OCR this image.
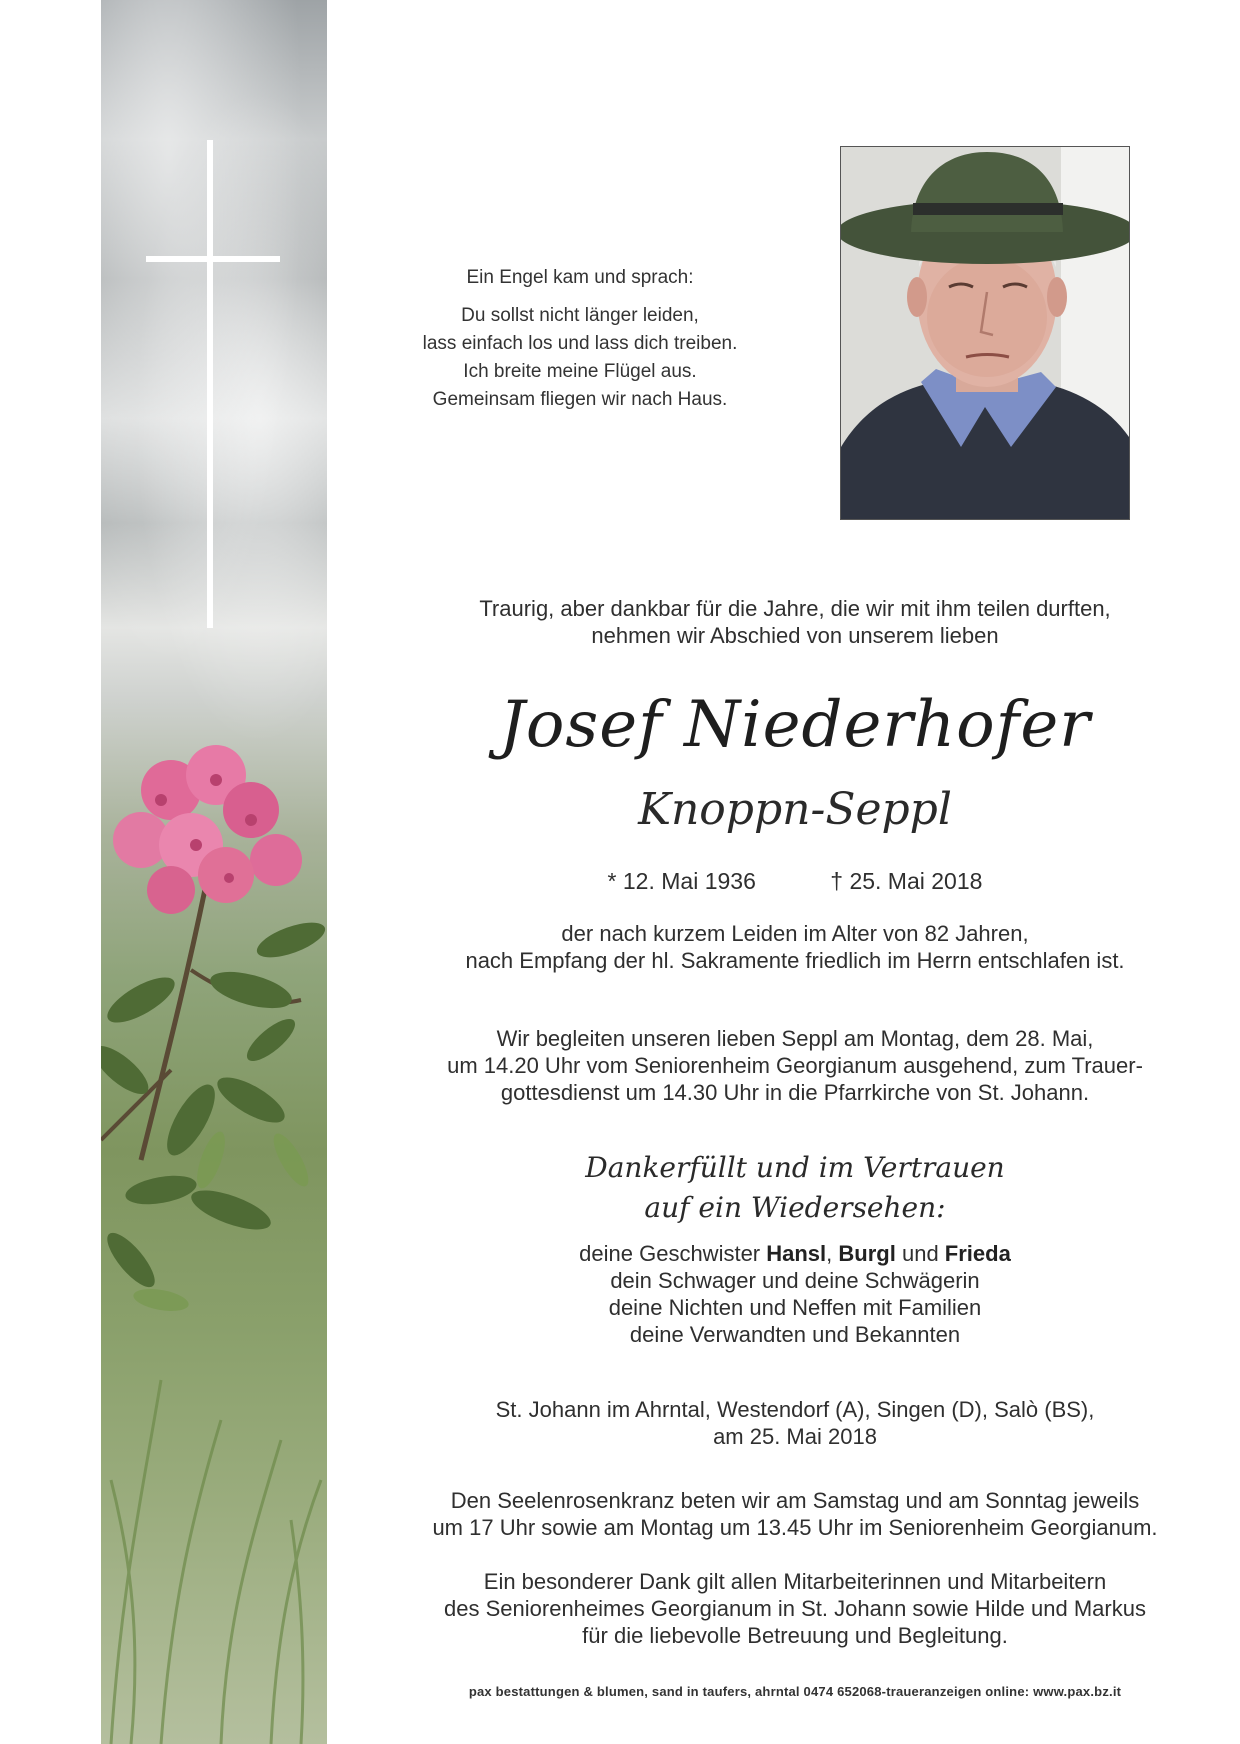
Ein Engel kam und sprach:

Du sollst nicht länger leiden,

lass einfach los und lass dich treiben.

Ich breite meine Flügel aus.

Gemeinsam fliegen wir nach Haus.

Traurig, aber dankbar für die Jahre, die wir mit ihm teilen durften,

nehmen wir Abschied von unserem lieben

Josef Niederhofer
Knoppn-Seppl
* 12. Mai 1936	† 25. Mai 2018

der nach kurzem Leiden im Alter von 82 Jahren,

nach Empfang der hl. Sakramente friedlich im Herrn entschlafen ist.

Wir begleiten unseren lieben Seppl am Montag, dem 28. Mai,

um 14.20 Uhr vom Seniorenheim Georgianum ausgehend, zum Trauer-

gottesdienst um 14.30 Uhr in die Pfarrkirche von St. Johann.

Dankerfüllt und im Vertrauen
auf ein Wiedersehen:

deine Geschwister Hansl, Burgl und Frieda

dein Schwager und deine Schwägerin

deine Nichten und Neffen mit Familien

deine Verwandten und Bekannten

St. Johann im Ahrntal, Westendorf (A), Singen (D), Salò (BS),

am 25. Mai 2018

Den Seelenrosenkranz beten wir am Samstag und am Sonntag jeweils

um 17 Uhr sowie am Montag um 13.45 Uhr im Seniorenheim Georgianum.

Ein besonderer Dank gilt allen Mitarbeiterinnen und Mitarbeitern

des Seniorenheimes Georgianum in St. Johann sowie Hilde und Markus

für die liebevolle Betreuung und Begleitung.

pax bestattungen & blumen, sand in taufers, ahrntal 0474 652068-traueranzeigen online: www.pax.bz.it
